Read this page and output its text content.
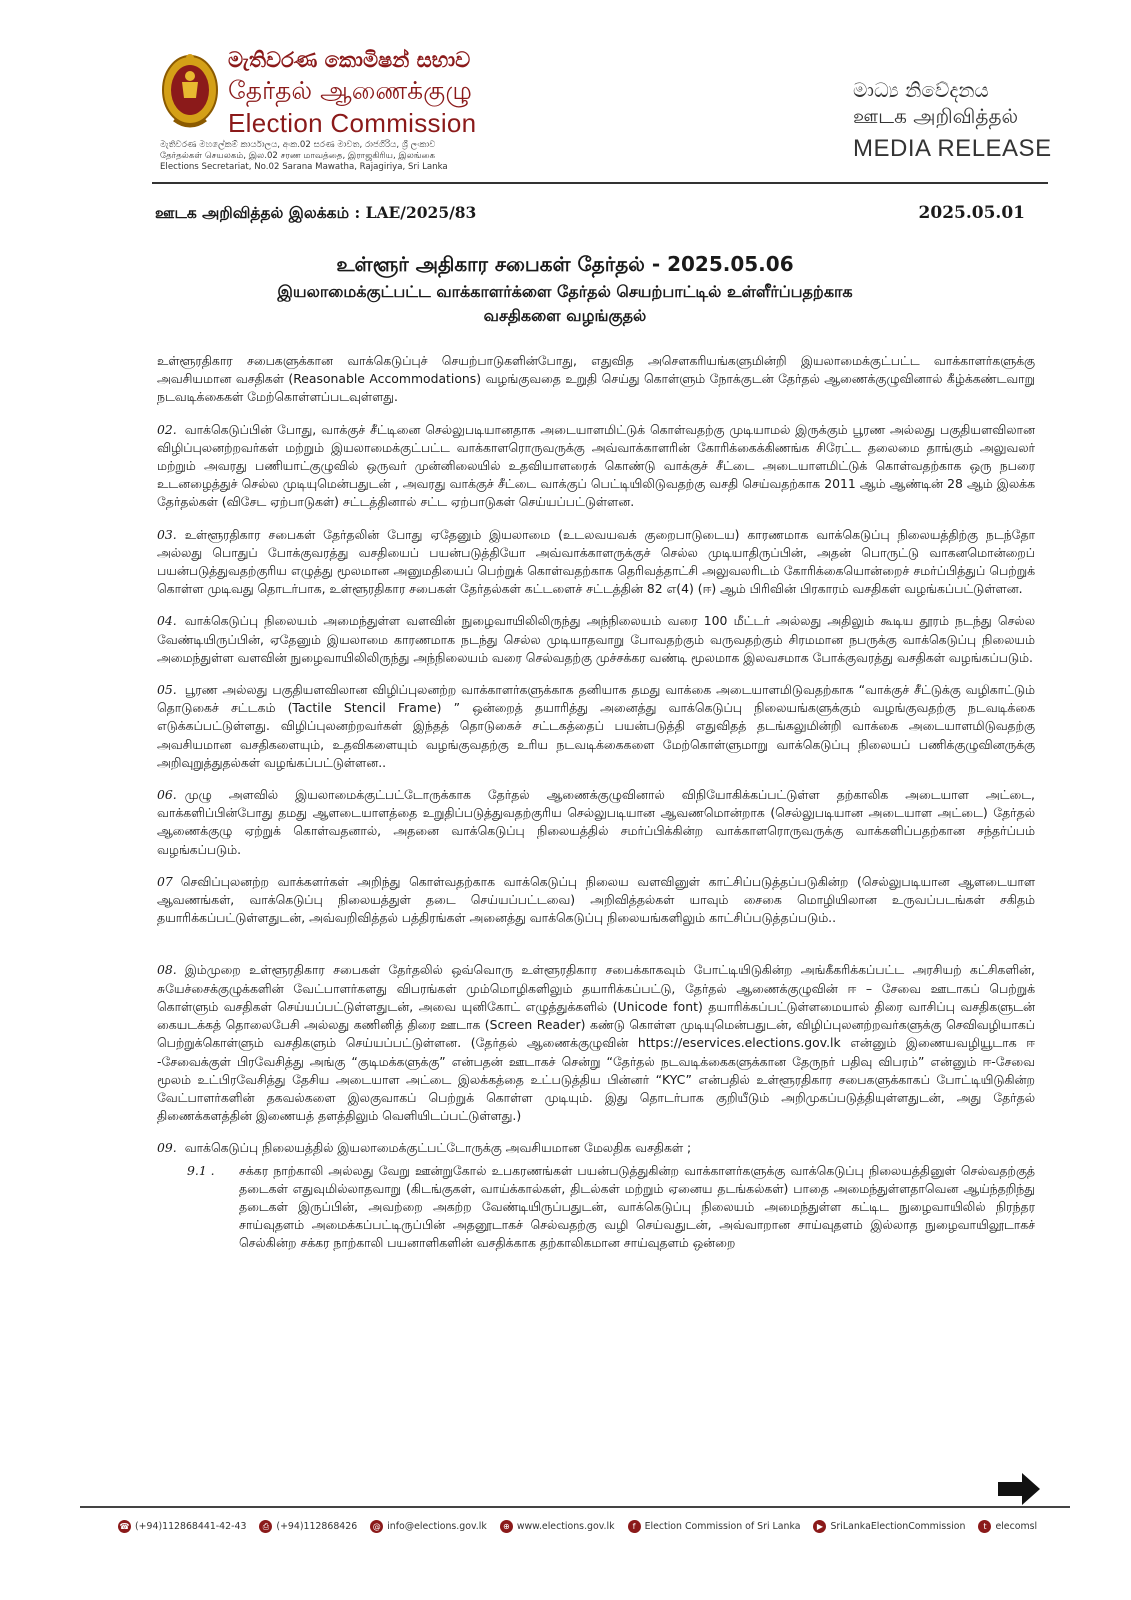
මැතිවරණ කොමිෂන් සභාව
தேர்தல் ஆணைக்குழு
Election Commission
මැතිවරණ මහලේකම් කාර්යාලය, අංක.02 සරණ මාවත, රාජගිරිය, ශ්‍රී ලංකාව
தேர்தல்கள் செயலகம், இல.02 சரண மாவத்தை, இராஜகிரிய, இலங்கை
Elections Secretariat, No.02 Sarana Mawatha, Rajagiriya, Sri Lanka
මාධ්‍ය නිවේදනය
ஊடக அறிவித்தல்
MEDIA RELEASE
ஊடக அறிவித்தல் இலக்கம் : LAE/2025/83	2025.05.01
உள்ளூர் அதிகார சபைகள் தேர்தல் - 2025.05.06
இயலாமைக்குட்பட்ட வாக்காளர்க்ளை தேர்தல் செயற்பாட்டில் உள்ளீர்ப்பதற்காக
வசதிகளை வழங்குதல்

உள்ளூரதிகார சபைகளுக்கான வாக்கெடுப்புச் செயற்பாடுகளின்போது, எதுவித அசௌகரியங்களுமின்றி இயலாமைக்குட்பட்ட வாக்காளர்களுக்கு அவசியமான வசதிகள் (Reasonable Accommodations) வழங்குவதை உறுதி செய்து கொள்ளும் நோக்குடன் தேர்தல் ஆணைக்குழுவினால் கீழ்க்கண்டவாறு நடவடிக்கைகள் மேற்கொள்ளப்படவுள்ளது.

02. வாக்கெடுப்பின் போது, வாக்குச் சீட்டினை செல்லுபடியானதாக அடையாளமிட்டுக் கொள்வதற்கு முடியாமல் இருக்கும் பூரண அல்லது பகுதியளவிலான விழிப்புலனற்றவர்கள் மற்றும் இயலாமைக்குட்பட்ட வாக்காளரொருவருக்கு அவ்வாக்காளரின் கோரிக்கைக்கிணங்க சிரேட்ட தலைமை தாங்கும் அலுவலர் மற்றும் அவரது பணியாட்குழுவில் ஒருவர் முன்னிலையில் உதவியாளரைக் கொண்டு வாக்குச் சீட்டை அடையாளமிட்டுக் கொள்வதற்காக ஒரு நபரை உடனழைத்துச் செல்ல முடியுமென்பதுடன் , அவரது வாக்குச் சீட்டை வாக்குப் பெட்டியிலிடுவதற்கு வசதி செய்வதற்காக 2011 ஆம் ஆண்டின் 28 ஆம் இலக்க தேர்தல்கள் (விசேட ஏற்பாடுகள்) சட்டத்தினால் சட்ட ஏற்பாடுகள் செய்யப்பட்டுள்ளன.

03. உள்ளூரதிகார சபைகள் தேர்தலின் போது ஏதேனும் இயலாமை (உடலவயவக் குறைபாடுடைய) காரணமாக வாக்கெடுப்பு நிலையத்திற்கு நடந்தோ அல்லது பொதுப் போக்குவரத்து வசதியைப் பயன்படுத்தியோ அவ்வாக்காளருக்குச் செல்ல முடியாதிருப்பின், அதன் பொருட்டு வாகனமொன்றைப் பயன்படுத்துவதற்குரிய எழுத்து மூலமான அனுமதியைப் பெற்றுக் கொள்வதற்காக தெரிவத்தாட்சி அலுவலரிடம் கோரிக்கையொன்றைச் சமர்ப்பித்துப் பெற்றுக் கொள்ள முடிவது தொடர்பாக, உள்ளூரதிகார சபைகள் தேர்தல்கள் கட்டளைச் சட்டத்தின் 82 எ(4) (ஈ) ஆம் பிரிவின் பிரகாரம் வசதிகள் வழங்கப்பட்டுள்ளன.

04. வாக்கெடுப்பு நிலையம் அமைந்துள்ள வளவின் நுழைவாயிலிலிருந்து அந்நிலையம் வரை 100 மீட்டர் அல்லது அதிலும் கூடிய தூரம் நடந்து செல்ல வேண்டியிருப்பின், ஏதேனும் இயலாமை காரணமாக நடந்து செல்ல முடியாதவாறு போவதற்கும் வருவதற்கும் சிரமமான நபருக்கு வாக்கெடுப்பு நிலையம் அமைந்துள்ள வளவின் நுழைவாயிலிலிருந்து அந்நிலையம் வரை செல்வதற்கு முச்சக்கர வண்டி மூலமாக இலவசமாக போக்குவரத்து வசதிகள் வழங்கப்படும்.

05. பூரண அல்லது பகுதியளவிலான விழிப்புலனற்ற வாக்காளர்களுக்காக தனியாக தமது வாக்கை அடையாளமிடுவதற்காக “வாக்குச் சீட்டுக்கு வழிகாட்டும் தொடுகைச் சட்டகம் (Tactile Stencil Frame) ” ஒன்றைத் தயாரித்து அனைத்து வாக்கெடுப்பு நிலையங்களுக்கும் வழங்குவதற்கு நடவடிக்கை எடுக்கப்பட்டுள்ளது. விழிப்புலனற்றவர்கள் இந்தத் தொடுகைச் சட்டகத்தைப் பயன்படுத்தி எதுவிதத் தடங்கலுமின்றி வாக்கை அடையாளமிடுவதற்கு அவசியமான வசதிகளையும், உதவிகளையும் வழங்குவதற்கு உரிய நடவடிக்கைகளை மேற்கொள்ளுமாறு வாக்கெடுப்பு நிலையப் பணிக்குழுவினருக்கு அறிவுறுத்துதல்கள் வழங்கப்பட்டுள்ளன..

06. முழு அளவில் இயலாமைக்குட்பட்டோருக்காக தேர்தல் ஆணைக்குழுவினால் விநியோகிக்கப்பட்டுள்ள தற்காலிக அடையாள அட்டை, வாக்களிப்பின்போது தமது ஆளடையாளத்தை உறுதிப்படுத்துவதற்குரிய செல்லுபடியான ஆவணமொன்றாக (செல்லுபடியான அடையாள அட்டை) தேர்தல் ஆணைக்குழு ஏற்றுக் கொள்வதனால், அதனை வாக்கெடுப்பு நிலையத்தில் சமர்ப்பிக்கின்ற வாக்காளரொருவருக்கு வாக்களிப்பதற்கான சந்தர்ப்பம் வழங்கப்படும்.

07 செவிப்புலனற்ற வாக்களர்கள் அறிந்து கொள்வதற்காக வாக்கெடுப்பு நிலைய வளவினுள் காட்சிப்படுத்தப்படுகின்ற (செல்லுபடியான ஆளடையாள ஆவணங்கள், வாக்கெடுப்பு நிலையத்துள் தடை செய்யப்பட்டவை) அறிவித்தல்கள் யாவும் சைகை மொழியிலான உருவப்படங்கள் சகிதம் தயாரிக்கப்பட்டுள்ளதுடன், அவ்வறிவித்தல் பத்திரங்கள் அனைத்து வாக்கெடுப்பு நிலையங்களிலும் காட்சிப்படுத்தப்படும்..

08. இம்முறை உள்ளூரதிகார சபைகள் தேர்தலில் ஒவ்வொரு உள்ளூரதிகார சபைக்காகவும் போட்டியிடுகின்ற அங்கீகரிக்கப்பட்ட அரசியற் கட்சிகளின், சுயேச்சைக்குழுக்களின் வேட்பாளர்களது விபரங்கள் மும்மொழிகளிலும் தயாரிக்கப்பட்டு, தேர்தல் ஆணைக்குழுவின் ஈ – சேவை ஊடாகப் பெற்றுக் கொள்ளும் வசதிகள் செய்யப்பட்டுள்ளதுடன், அவை யுனிகோட் எழுத்துக்களில் (Unicode font) தயாரிக்கப்பட்டுள்ளமையால் திரை வாசிப்பு வசதிகளுடன் கையடக்கத் தொலைபேசி அல்லது கணினித் திரை ஊடாக (Screen Reader) கண்டு கொள்ள முடியுமென்பதுடன், விழிப்புலனற்றவர்களுக்கு செவிவழியாகப் பெற்றுக்கொள்ளும் வசதிகளும் செய்யப்பட்டுள்ளன. (தேர்தல் ஆணைக்குழுவின் https://eservices.elections.gov.lk என்னும் இணையவழியூடாக ஈ -சேவைக்குள் பிரவேசித்து அங்கு “குடிமக்களுக்கு” என்பதன் ஊடாகச் சென்று “தேர்தல் நடவடிக்கைகளுக்கான தேருநர் பதிவு விபரம்” என்னும் ஈ-சேவை மூலம் உட்பிரவேசித்து தேசிய அடையாள அட்டை இலக்கத்தை உட்படுத்திய பின்னர் “KYC” என்பதில் உள்ளூரதிகார சபைகளுக்காகப் போட்டியிடுகின்ற வேட்பாளர்களின் தகவல்களை இலகுவாகப் பெற்றுக் கொள்ள முடியும். இது தொடர்பாக குறியீடும் அறிமுகப்படுத்தியுள்ளதுடன், அது தேர்தல் திணைக்களத்தின் இணையத் தளத்திலும் வெளியிடப்பட்டுள்ளது.)

09. வாக்கெடுப்பு நிலையத்தில் இயலாமைக்குட்பட்டோருக்கு அவசியமான மேலதிக வசதிகள் ;

9.1 .	சக்கர நாற்காலி அல்லது வேறு ஊன்றுகோல் உபகரணங்கள் பயன்படுத்துகின்ற வாக்காளர்களுக்கு வாக்கெடுப்பு நிலையத்தினுள் செல்வதற்குத் தடைகள் எதுவுமில்லாதவாறு (கிடங்குகள், வாய்க்கால்கள், திடல்கள் மற்றும் ஏனைய தடங்கல்கள்) பாதை அமைந்துள்ளதாவென ஆய்ந்தறிந்து தடைகள் இருப்பின், அவற்றை அகற்ற வேண்டியிருப்பதுடன், வாக்கெடுப்பு நிலையம் அமைந்துள்ள கட்டிட நுழைவாயிலில் நிரந்தர சாய்வுதளம் அமைக்கப்பட்டிருப்பின் அதனூடாகச் செல்வதற்கு வழி செய்வதுடன், அவ்வாறான சாய்வுதளம் இல்லாத நுழைவாயிலூடாகச் செல்கின்ற சக்கர நாற்காலி பயனாளிகளின் வசதிக்காக தற்காலிகமான சாய்வுதளம் ஒன்றை
☎ (+94)112868441-42-43	⎙ (+94)112868426	@ info@elections.gov.lk	⊕ www.elections.gov.lk	f Election Commission of Sri Lanka	▶ SriLankaElectionCommission	t elecomsl
